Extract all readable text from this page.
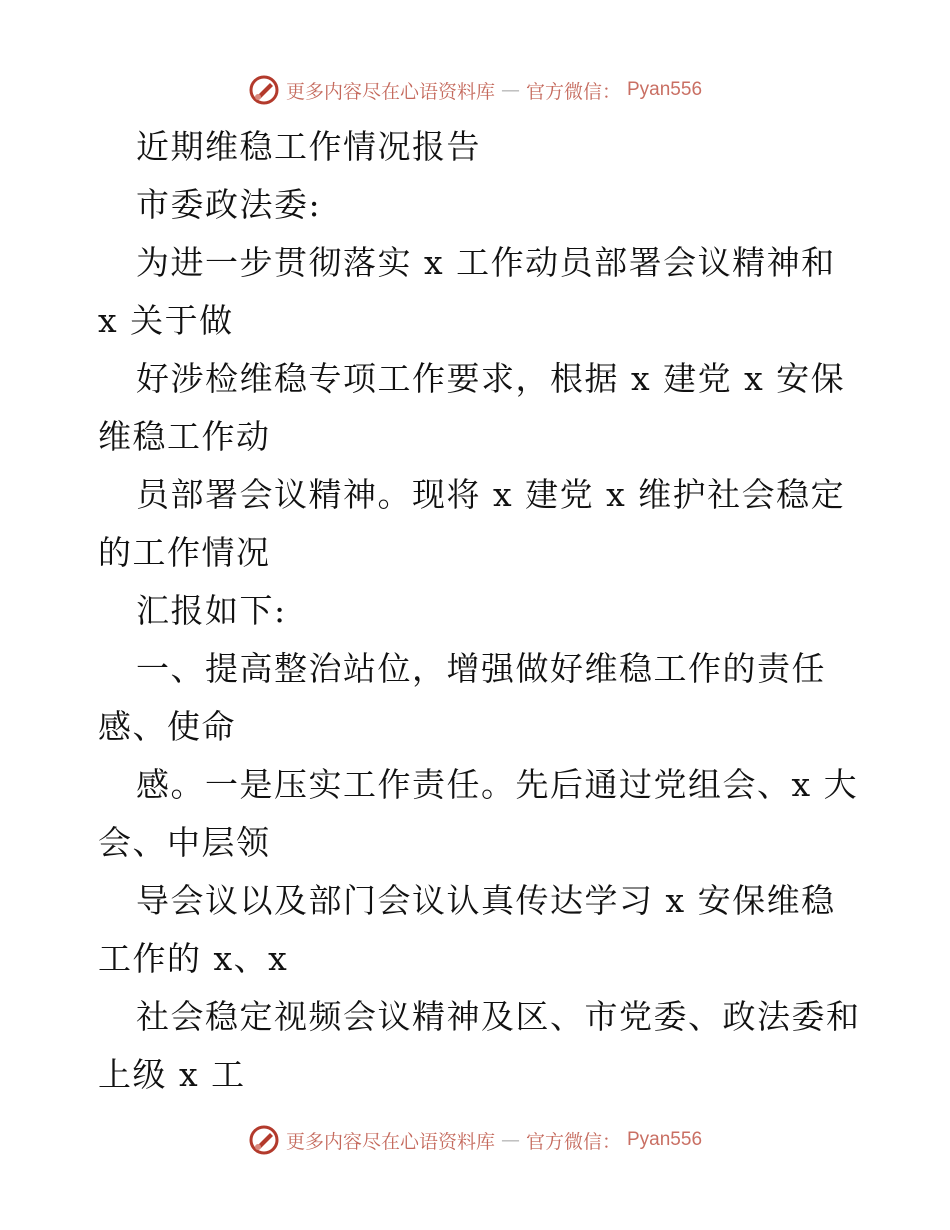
更多内容尽在心语资料库 — 官方微信： Pyan556
近期维稳工作情况报告
市委政法委:
为进一步贯彻落实 x 工作动员部署会议精神和
x 关于做
好涉检维稳专项工作要求，根据 x 建党 x 安保
维稳工作动
员部署会议精神。现将 x 建党 x 维护社会稳定
的工作情况
汇报如下:
一、提高整治站位，增强做好维稳工作的责任
感、使命
感。一是压实工作责任。先后通过党组会、x 大
会、中层领
导会议以及部门会议认真传达学习 x 安保维稳
工作的 x、x
社会稳定视频会议精神及区、市党委、政法委和
上级 x 工
更多内容尽在心语资料库 — 官方微信： Pyan556
